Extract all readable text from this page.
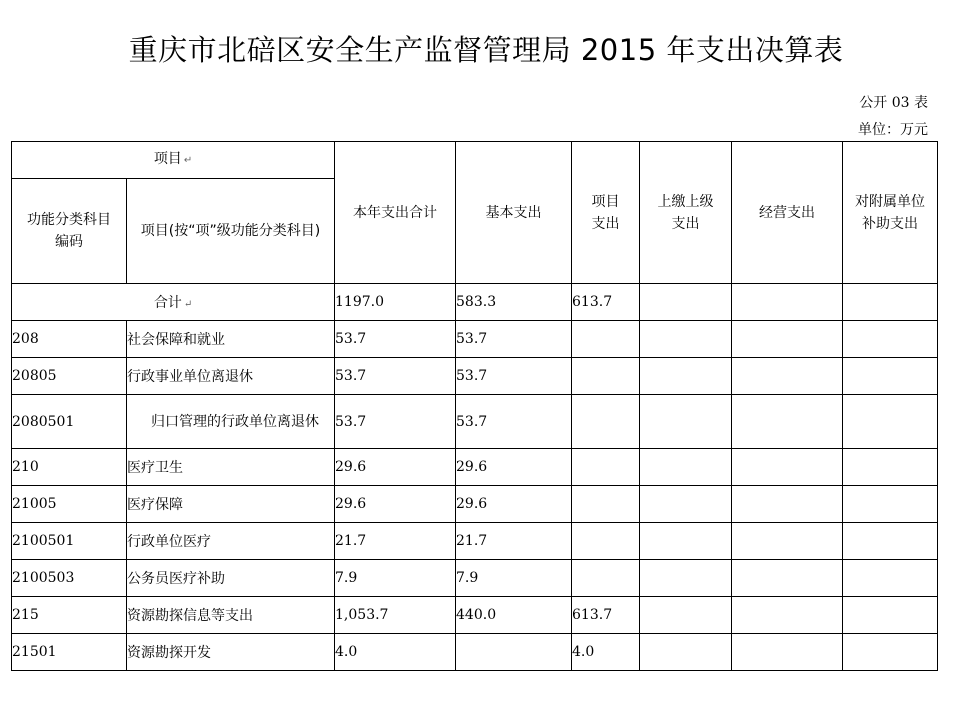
重庆市北碚区安全生产监督管理局 2015 年支出决算表
公开 03 表
单位：万元
项目 ↵		本年支出合计	基本支出	项目支出	上缴上级支出	经营支出	对附属单位补助支出

功能分类科目编码	项目(按“项”级功能分类科目)						

合计 ↵		1197.0	583.3	613.7			
208	社会保障和就业	53.7	53.7				
20805	行政事业单位离退休	53.7	53.7				
2080501	归口管理的行政单位离退休	53.7	53.7				
210	医疗卫生	29.6	29.6				
21005	医疗保障	29.6	29.6				
2100501	行政单位医疗	21.7	21.7				
2100503	公务员医疗补助	7.9	7.9				
215	资源勘探信息等支出	1,053.7	440.0	613.7			
21501	资源勘探开发	4.0		4.0			
